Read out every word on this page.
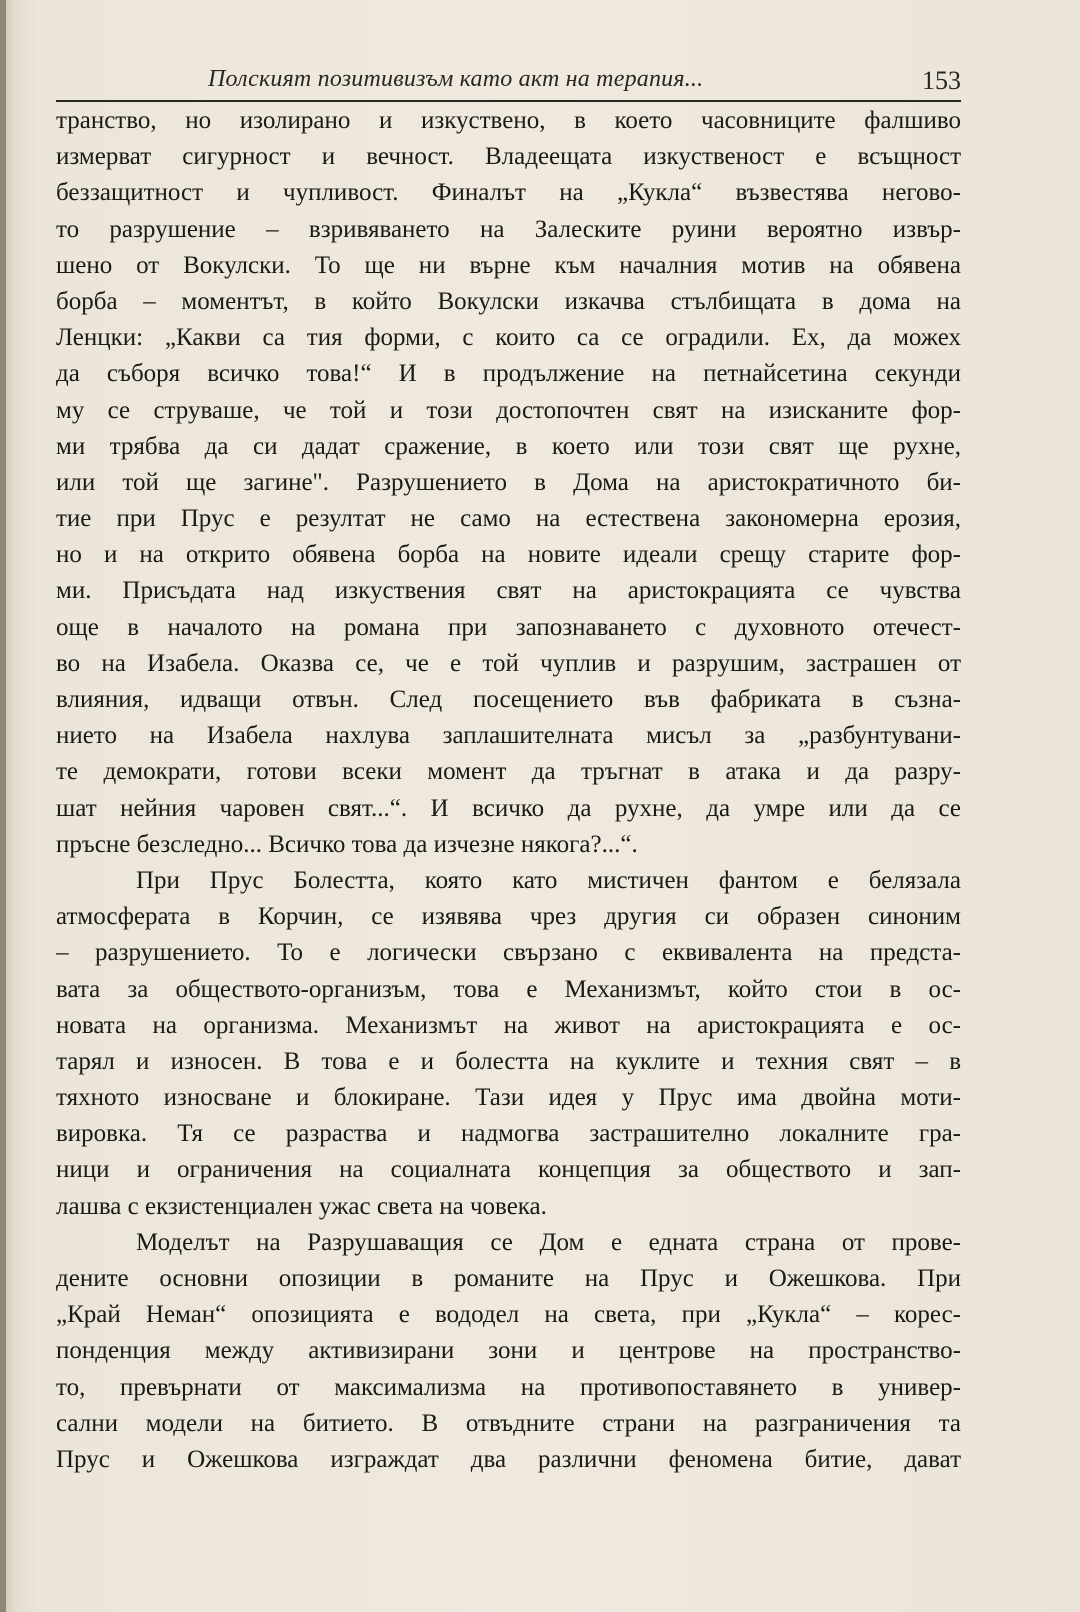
Полският позитивизъм като акт на терапия...	153
транство, но изолирано и изкуствено, в което часовниците фалшиво
измерват сигурност и вечност. Владеещата изкуственост е всъщност
беззащитност и чупливост. Финалът на „Кукла“ възвестява негово-
то разрушение – взривяването на Залеските руини вероятно извър-
шено от Вокулски. То ще ни върне към началния мотив на обявена
борба – моментът, в който Вокулски изкачва стълбищата в дома на
Ленцки: „Какви са тия форми, с които са се оградили. Ех, да можех
да съборя всичко това!“ И в продължение на петнайсетина секунди
му се струваше, че той и този достопочтен свят на изисканите фор-
ми трябва да си дадат сражение, в което или този свят ще рухне,
или той ще загине". Разрушението в Дома на аристократичното би-
тие при Прус е резултат не само на естествена закономерна ерозия,
но и на открито обявена борба на новите идеали срещу старите фор-
ми. Присъдата над изкуствения свят на аристокрацията се чувства
още в началото на романа при запознаването с духовното отечест-
во на Изабела. Оказва се, че е той чуплив и разрушим, застрашен от
влияния, идващи отвън. След посещението във фабриката в съзна-
нието на Изабела нахлува заплашителната мисъл за „разбунтувани-
те демократи, готови всеки момент да тръгнат в атака и да разру-
шат нейния чаровен свят...“. И всичко да рухне, да умре или да се
пръсне безследно... Всичко това да изчезне някога?...“.
При Прус Болестта, която като мистичен фантом е белязала
атмосферата в Корчин, се изявява чрез другия си образен синоним
– разрушението. То е логически свързано с еквивалента на предста-
вата за обществото-организъм, това е Механизмът, който стои в ос-
новата на организма. Механизмът на живот на аристокрацията е ос-
тарял и износен. В това е и болестта на куклите и техния свят – в
тяхното износване и блокиране. Тази идея у Прус има двойна моти-
вировка. Тя се разраства и надмогва застрашително локалните гра-
ници и ограничения на социалната концепция за обществото и зап-
лашва с екзистенциален ужас света на човека.
Моделът на Разрушаващия се Дом е едната страна от прове-
дените основни опозиции в романите на Прус и Ожешкова. При
„Край Неман“ опозицията е вододел на света, при „Кукла“ – корес-
понденция между активизирани зони и центрове на пространство-
то, превърнати от максимализма на противопоставянето в универ-
сални модели на битието. В отвъдните страни на разграничения та
Прус и Ожешкова изграждат два различни феномена битие, дават
